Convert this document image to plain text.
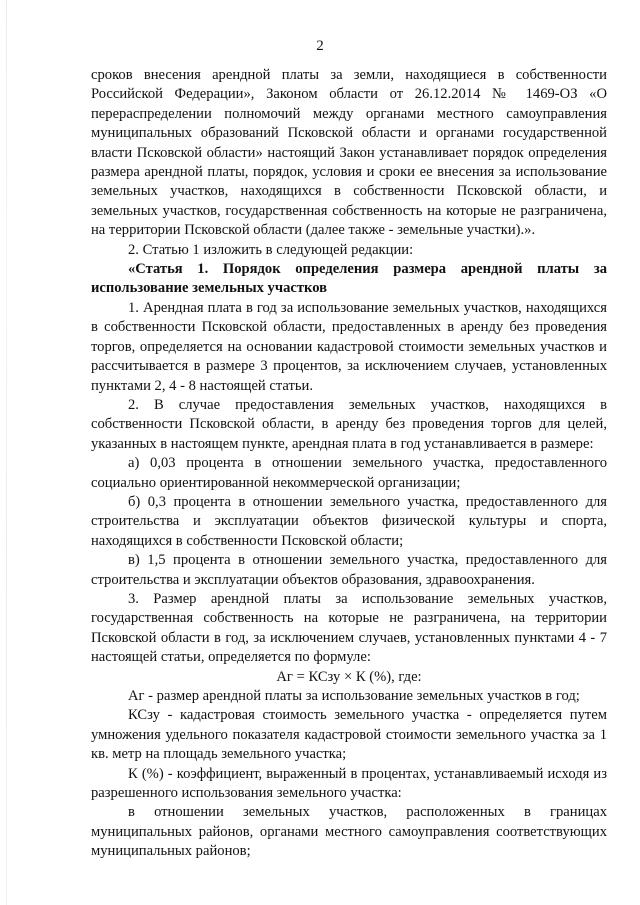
2

сроков внесения арендной платы за земли, находящиеся в собственности Российской Федерации», Законом области от 26.12.2014 № 1469-ОЗ «О перераспределении полномочий между органами местного самоуправления муниципальных образований Псковской области и органами государственной власти Псковской области» настоящий Закон устанавливает порядок определения размера арендной платы, порядок, условия и сроки ее внесения за использование земельных участков, находящихся в собственности Псковской области, и земельных участков, государственная собственность на которые не разграничена, на территории Псковской области (далее также - земельные участки).».

2. Статью 1 изложить в следующей редакции:

«Статья 1. Порядок определения размера арендной платы за использование земельных участков

1. Арендная плата в год за использование земельных участков, находящихся в собственности Псковской области, предоставленных в аренду без проведения торгов, определяется на основании кадастровой стоимости земельных участков и рассчитывается в размере 3 процентов, за исключением случаев, установленных пунктами 2, 4 - 8 настоящей статьи.

2. В случае предоставления земельных участков, находящихся в собственности Псковской области, в аренду без проведения торгов для целей, указанных в настоящем пункте, арендная плата в год устанавливается в размере:

а) 0,03 процента в отношении земельного участка, предоставленного социально ориентированной некоммерческой организации;

б) 0,3 процента в отношении земельного участка, предоставленного для строительства и эксплуатации объектов физической культуры и спорта, находящихся в собственности Псковской области;

в) 1,5 процента в отношении земельного участка, предоставленного для строительства и эксплуатации объектов образования, здравоохранения.

3. Размер арендной платы за использование земельных участков, государственная собственность на которые не разграничена, на территории Псковской области в год, за исключением случаев, установленных пунктами 4 - 7 настоящей статьи, определяется по формуле:

Аг = КСзу × К (%), где:

Аг - размер арендной платы за использование земельных участков в год;

КСзу - кадастровая стоимость земельного участка - определяется путем умножения удельного показателя кадастровой стоимости земельного участка за 1 кв. метр на площадь земельного участка;

К (%) - коэффициент, выраженный в процентах, устанавливаемый исходя из разрешенного использования земельного участка:

в отношении земельных участков, расположенных в границах муниципальных районов, органами местного самоуправления соответствующих муниципальных районов;
